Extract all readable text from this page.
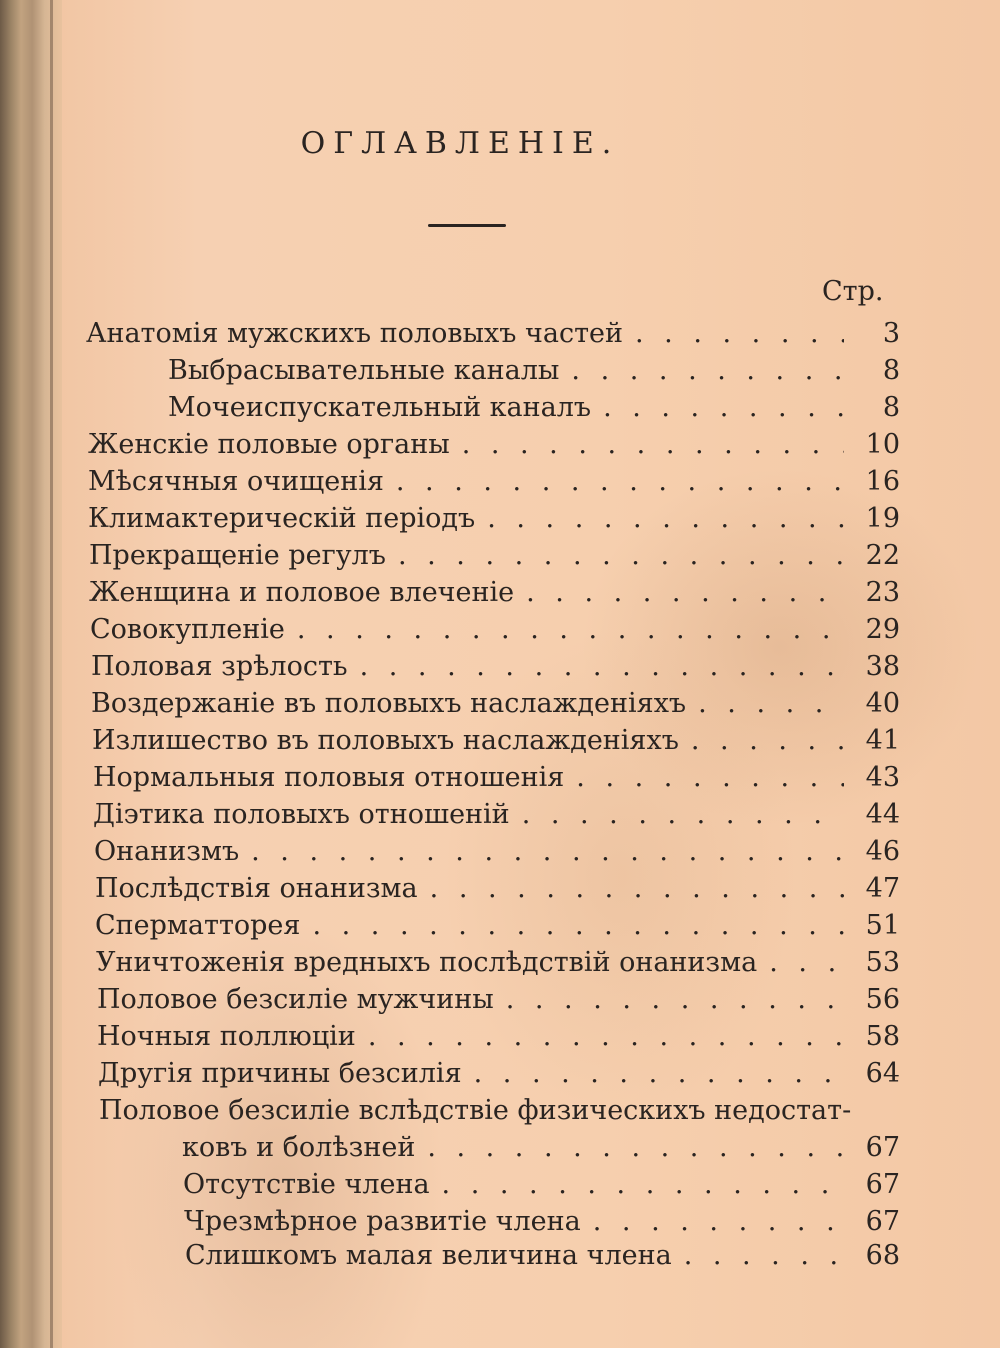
ОГЛАВЛЕНІЕ.
Стр.
Анатомія мужскихъ половыхъ частей . . .	3
Выбрасывательные каналы . . .	8
Мочеиспускательный каналъ . . .	8
Женскіе половые органы . . .	10
Мѣсячныя очищенія . . .	16
Климактерическій періодъ . . .	19
Прекращеніе регулъ . . .	22
Женщина и половое влеченіе . . .	23
Совокупленіе . . .	29
Половая зрѣлость . . .	38
Воздержаніе въ половыхъ наслажденіяхъ . . .	40
Излишество въ половыхъ наслажденіяхъ . . .	41
Нормальныя половыя отношенія . . .	43
Діэтика половыхъ отношеній . . .	44
Онанизмъ . . .	46
Послѣдствія онанизма . . .	47
Сперматторея . . .	51
Уничтоженія вредныхъ послѣдствій онанизма . . .	53
Половое безсиліе мужчины . . .	56
Ночныя поллюціи . . .	58
Другія причины безсилія . . .	64
Половое безсиліе вслѣдствіе физическихъ недостат-
ковъ и болѣзней . . .	67
Отсутствіе члена . . .	67
Чрезмѣрное развитіе члена . . .	67
Слишкомъ малая величина члена . . .	68
